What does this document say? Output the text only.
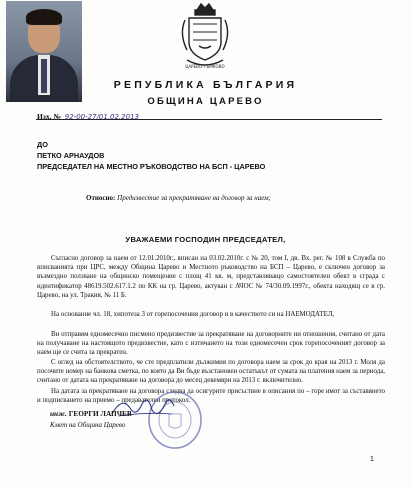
ЦАРЕВО-ТЪМКОВО
РЕПУБЛИКА БЪЛГАРИЯ
ОБЩИНА ЦАРЕВО
Изх. № 92-00-27/01.02.2013
ДО
ПЕТКО АРНАУДОВ
ПРЕДСЕДАТЕЛ НА МЕСТНО РЪКОВОДСТВО НА БСП - ЦАРЕВО
Относно: Предизвестие за прекратяване на договор за наем;
УВАЖАЕМИ ГОСПОДИН ПРЕДСЕДАТЕЛ,
Съгласно договор за наем от 12.01.2010г., вписан на 03.02.2010г. с № 20, том I, дв. Вх. рег. № 108 в Служба по вписванията при ЦРС, между Община Царево и Местното ръководство на БСП – Царево, е сключен договор за възмездно ползване на общинско помещение с площ 41 кв. м, представляващо самостоятелен обект в сграда с идентификатор 48619.502.617.1.2 по КК на гр. Царево, актуван с АЧОС № 74/30.09.1997г., обекта находящ се в гр. Царево, на ул. Тракия, № 11 Б.
На основание чл. 18, хипотеза 3 от горепосочения договор и в качеството си на НАЕМОДАТЕЛ,
Ви отправям едномесечно писмено предизвестие за прекратяване на договорните ни отношения, считано от дата на получаване на настоящото предизвестие, като с изтичането на този едномесечен срок горепосоченият договор за наем ще се счита за прекратен.
С оглед на обстоятелството, че сте предплатили дължимия по договора наем за срок до края на 2013 г. Моля да посочите номер на банкова сметка, по която да Ви бъде възстановен остатъкът от сумата на платения наем за периода, считано от датата на прекратяване на договора до месец декември на 2013 г. включително.
На датата за прекратяване на договора следва да осигурите присъствие в описания по – горе имот за съставянето и подписването на приемо – предавателен протокол.
инж. ГЕОРГИ ЛАПЧЕВ
Кмет на Община Царево
1
